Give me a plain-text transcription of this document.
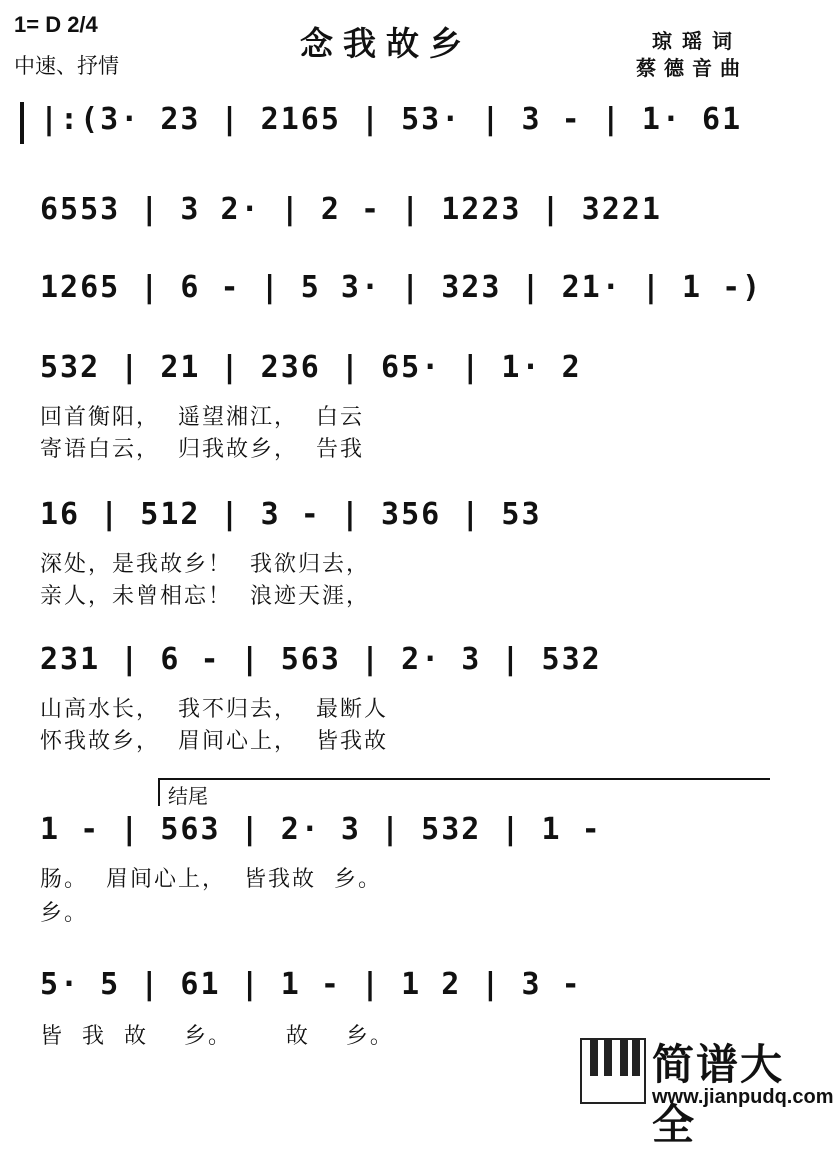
1= D 2/4
中速、抒情
念我故乡	琼瑶词
蔡德音曲
|:(3· 23 | 2165 | 53· | 3 - | 1· 61
6553 | 3 2· | 2 - | 1223 | 3221
1265 | 6 - | 5 3· | 323 | 21· | 1 -)
532 | 21 | 236 | 65· | 1· 2
回首衡阳，  遥望湘江，  白云
寄语白云，  归我故乡，  告我
16 | 512 | 3 - | 356 | 53
深处，是我故乡！  我欲归去，
亲人，未曾相忘！  浪迹天涯，
231 | 6 - | 563 | 2· 3 | 532
山高水长，  我不归去，  最断人
怀我故乡，  眉间心上，  皆我故
结尾
1 - | 563 | 2· 3 | 532 | 1 -
肠。  眉间心上，  皆我故  乡。
乡。
5· 5 | 61 | 1 - | 1 2 | 3 -
皆  我  故    乡。      故    乡。
简谱大全
www.jianpudq.com
